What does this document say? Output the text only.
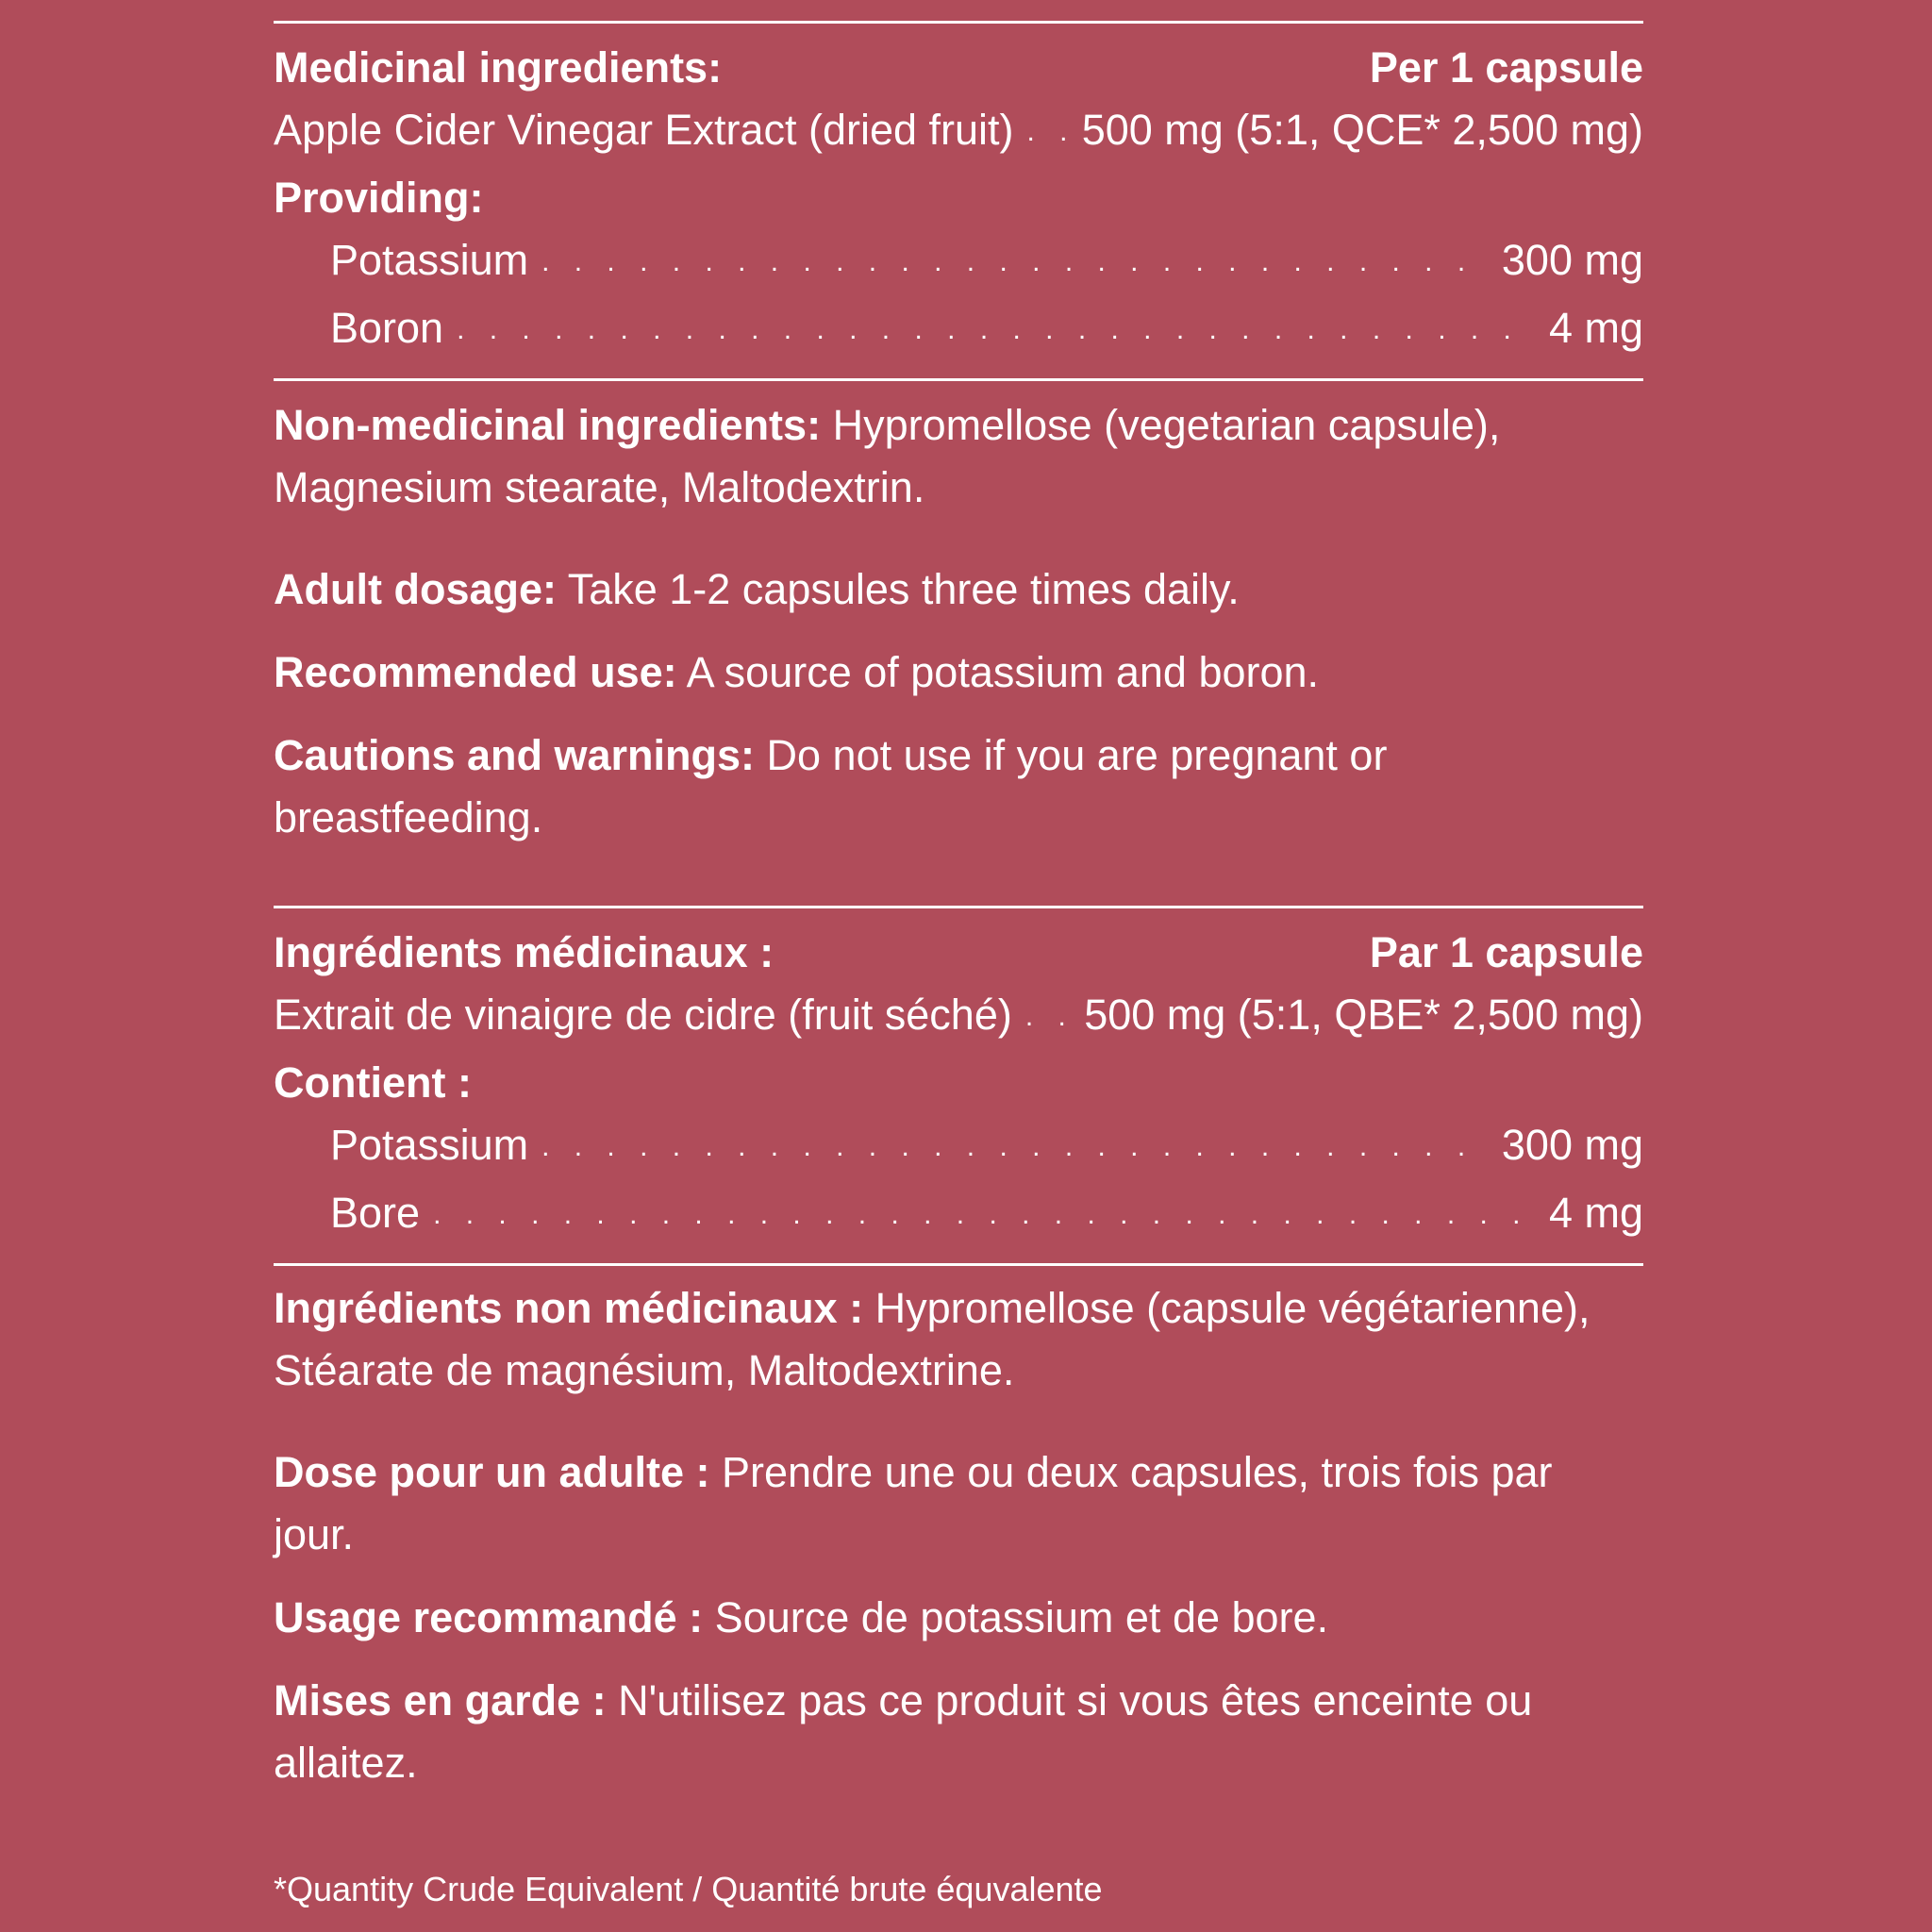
Medicinal ingredients:	Per 1 capsule
Apple Cider Vinegar Extract (dried fruit) . . . 500 mg (5:1, QCE* 2,500 mg)
Providing:
Potassium . . .	300 mg
Boron . . .	4 mg

Non-medicinal ingredients: Hypromellose (vegetarian capsule), Magnesium stearate, Maltodextrin.

Adult dosage: Take 1-2 capsules three times daily.

Recommended use: A source of potassium and boron.

Cautions and warnings: Do not use if you are pregnant or breastfeeding.

Ingrédients médicinaux :	Par 1 capsule
Extrait de vinaigre de cidre (fruit séché) . . . 500 mg (5:1, QBE* 2,500 mg)
Contient :
Potassium . . .	300 mg
Bore . . .	4 mg

Ingrédients non médicinaux : Hypromellose (capsule végétarienne), Stéarate de magnésium, Maltodextrine.

Dose pour un adulte : Prendre une ou deux capsules, trois fois par jour.

Usage recommandé : Source de potassium et de bore.

Mises en garde : N'utilisez pas ce produit si vous êtes enceinte ou allaitez.

*Quantity Crude Equivalent / Quantité brute équvalente
